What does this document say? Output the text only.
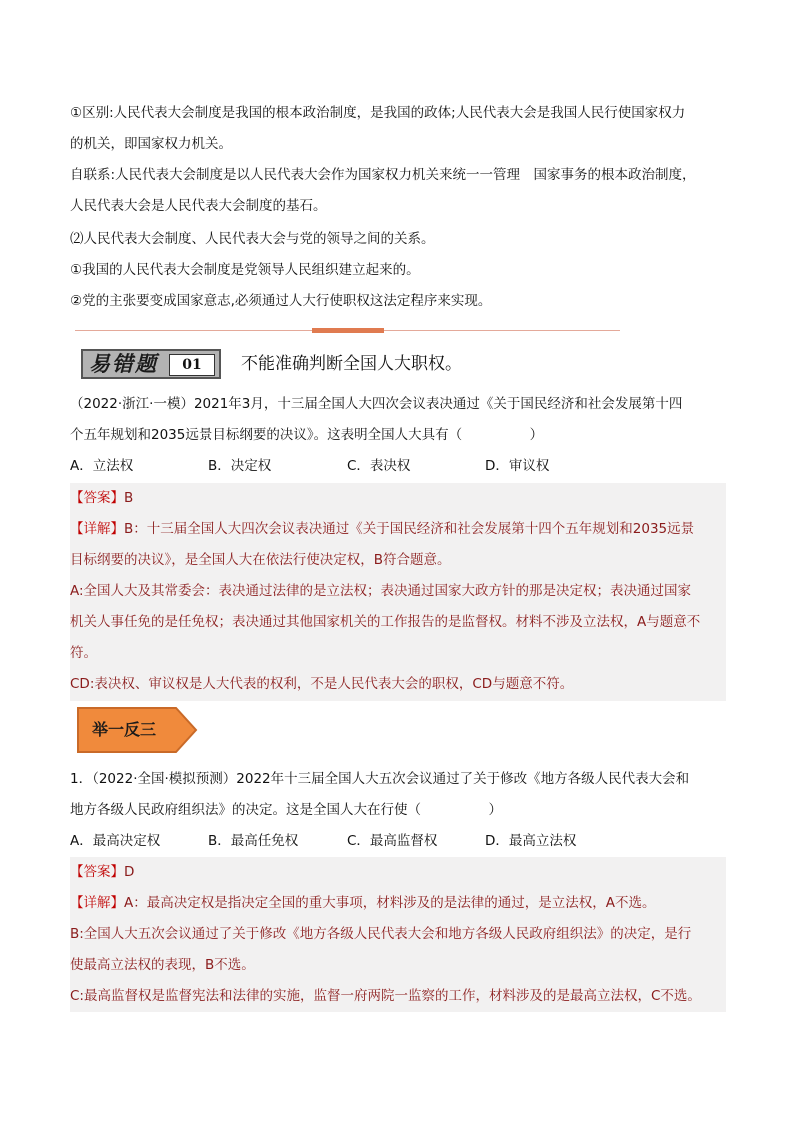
①区别:人民代表大会制度是我国的根本政治制度，是我国的政体;人民代表大会是我国人民行使国家权力
的机关，即国家权力机关。
自联系:人民代表大会制度是以人民代表大会作为国家权力机关来统一一管理　国家事务的根本政治制度，
人民代表大会是人民代表大会制度的基石。
⑵人民代表大会制度、人民代表大会与党的领导之间的关系。
①我国的人民代表大会制度是党领导人民组织建立起来的。
②党的主张要变成国家意志,必须通过人大行使职权这法定程序来实现。
易错题	01	不能准确判断全国人大职权。
（2022·浙江·一模）2021年3月，十三届全国人大四次会议表决通过《关于国民经济和社会发展第十四
个五年规划和2035远景目标纲要的决议》。这表明全国人大具有（　　　　　）
A．立法权	B．决定权	C．表决权	D．审议权
【答案】B
【详解】B：十三届全国人大四次会议表决通过《关于国民经济和社会发展第十四个五年规划和2035远景
目标纲要的决议》，是全国人大在依法行使决定权，B符合题意。
A:全国人大及其常委会：表决通过法律的是立法权；表决通过国家大政方针的那是决定权；表决通过国家
机关人事任免的是任免权；表决通过其他国家机关的工作报告的是监督权。材料不涉及立法权，A与题意不
符。
CD:表决权、审议权是人大代表的权利，不是人民代表大会的职权，CD与题意不符。
举一反三
1．（2022·全国·模拟预测）2022年十三届全国人大五次会议通过了关于修改《地方各级人民代表大会和
地方各级人民政府组织法》的决定。这是全国人大在行使（　　　　　）
A．最高决定权	B．最高任免权	C．最高监督权	D．最高立法权
【答案】D
【详解】A：最高决定权是指决定全国的重大事项，材料涉及的是法律的通过，是立法权，A不选。
B:全国人大五次会议通过了关于修改《地方各级人民代表大会和地方各级人民政府组织法》的决定，是行
使最高立法权的表现，B不选。
C:最高监督权是监督宪法和法律的实施，监督一府两院一监察的工作，材料涉及的是最高立法权，C不选。
